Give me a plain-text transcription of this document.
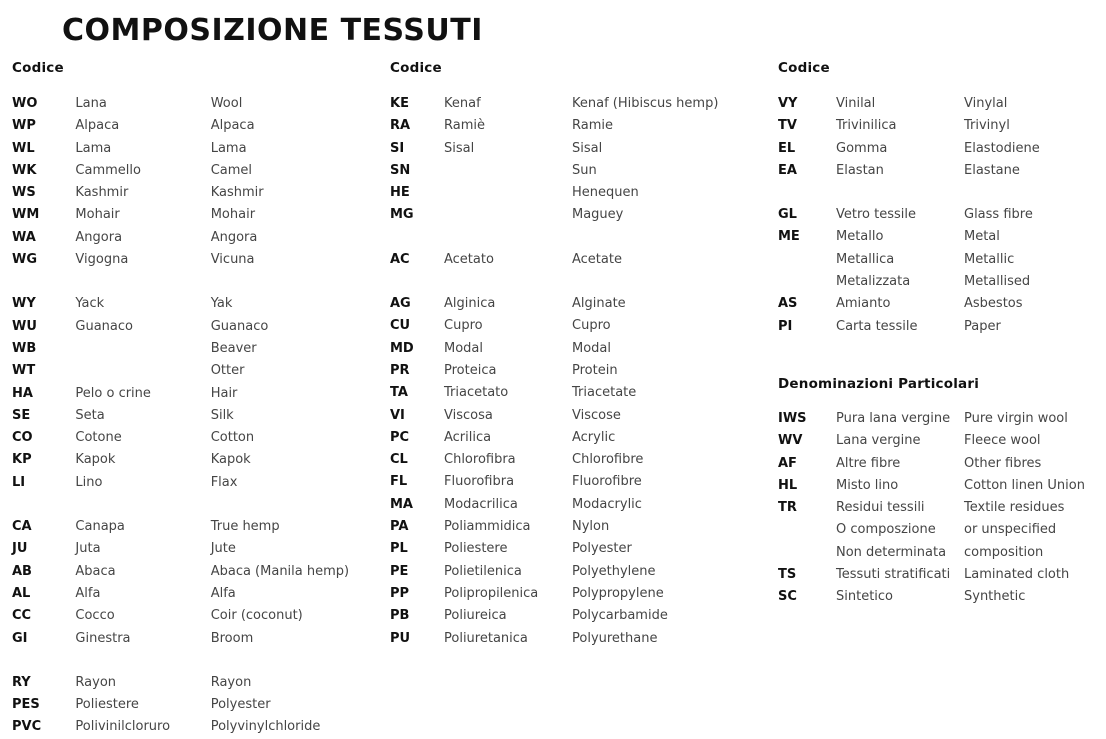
COMPOSIZIONE TESSUTI
Codice
WO	Lana	Wool
WP	Alpaca	Alpaca
WL	Lama	Lama
WK	Cammello	Camel
WS	Kashmir	Kashmir
WM	Mohair	Mohair
WA	Angora	Angora
WG	Vigogna	Vicuna

WY	Yack	Yak
WU	Guanaco	Guanaco
WB		Beaver
WT		Otter
HA	Pelo o crine	Hair
SE	Seta	Silk
CO	Cotone	Cotton
KP	Kapok	Kapok
LI	Lino	Flax

CA	Canapa	True hemp
JU	Juta	Jute
AB	Abaca	Abaca (Manila hemp)
AL	Alfa	Alfa
CC	Cocco	Coir (coconut)
GI	Ginestra	Broom

RY	Rayon	Rayon
PES	Poliestere	Polyester
PVC	Polivinilcloruro	Polyvinylchloride
Codice
KE	Kenaf	Kenaf (Hibiscus hemp)
RA	Ramiè	Ramie
SI	Sisal	Sisal
SN		Sun
HE		Henequen
MG		Maguey

AC	Acetato	Acetate

AG	Alginica	Alginate
CU	Cupro	Cupro
MD	Modal	Modal
PR	Proteica	Protein
TA	Triacetato	Triacetate
VI	Viscosa	Viscose
PC	Acrilica	Acrylic
CL	Chlorofibra	Chlorofibre
FL	Fluorofibra	Fluorofibre
MA	Modacrilica	Modacrylic
PA	Poliammidica	Nylon
PL	Poliestere	Polyester
PE	Polietilenica	Polyethylene
PP	Polipropilenica	Polypropylene
PB	Poliureica	Polycarbamide
PU	Poliuretanica	Polyurethane
Codice
VY	Vinilal	Vinylal
TV	Trivinilica	Trivinyl
EL	Gomma	Elastodiene
EA	Elastan	Elastane

GL	Vetro tessile	Glass fibre
ME	Metallo	Metal
	Metallica	Metallic
	Metalizzata	Metallised
AS	Amianto	Asbestos
PI	Carta tessile	Paper
Denominazioni Particolari
IWS	Pura lana vergine	Pure virgin wool
WV	Lana vergine	Fleece wool
AF	Altre fibre	Other fibres
HL	Misto lino	Cotton linen Union
TR	Residui tessili	Textile residues
	O composzione	or unspecified
	Non determinata	composition
TS	Tessuti stratificati	Laminated cloth
SC	Sintetico	Synthetic
